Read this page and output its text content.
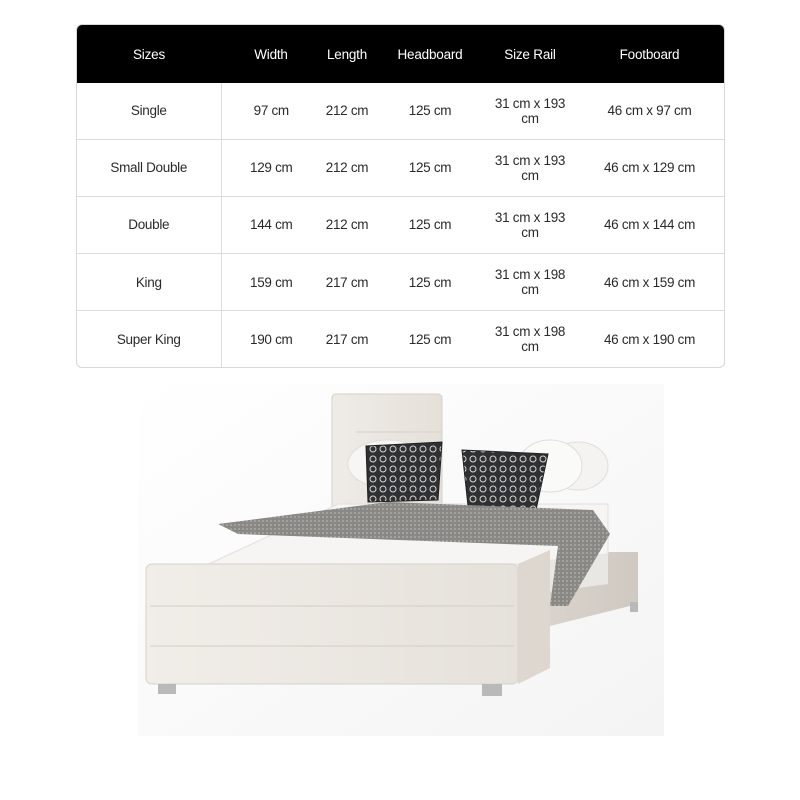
Sizes	Width	Length	Headboard	Size Rail	Footboard
Single	97 cm	212 cm	125 cm	31 cm x 193 cm	46 cm x 97 cm
Small Double	129 cm	212 cm	125 cm	31 cm x 193 cm	46 cm x 129 cm
Double	144 cm	212 cm	125 cm	31 cm x 193 cm	46 cm x 144 cm
King	159 cm	217 cm	125 cm	31 cm x 198 cm	46 cm x 159 cm
Super King	190 cm	217 cm	125 cm	31 cm x 198 cm	46 cm x 190 cm
